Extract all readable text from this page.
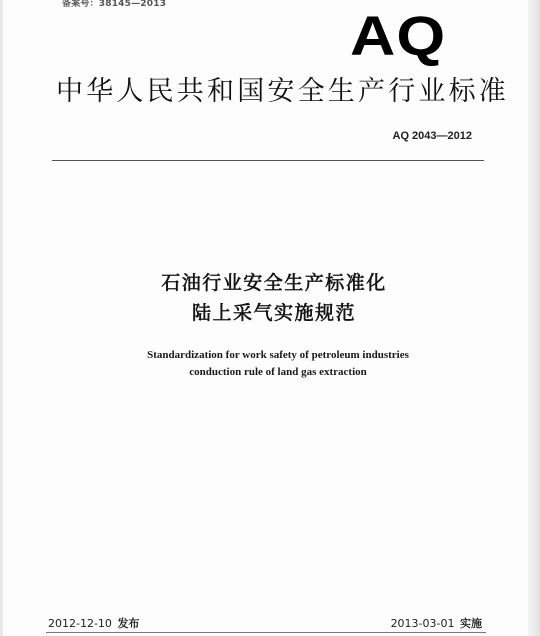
备案号：38145—2013	AQ
中华人民共和国安全生产行业标准
AQ 2043—2012
石油行业安全生产标准化
陆上采气实施规范
Standardization for work safety of petroleum industries
conduction rule of land gas extraction
2012-12-10 发布	2013-03-01 实施
